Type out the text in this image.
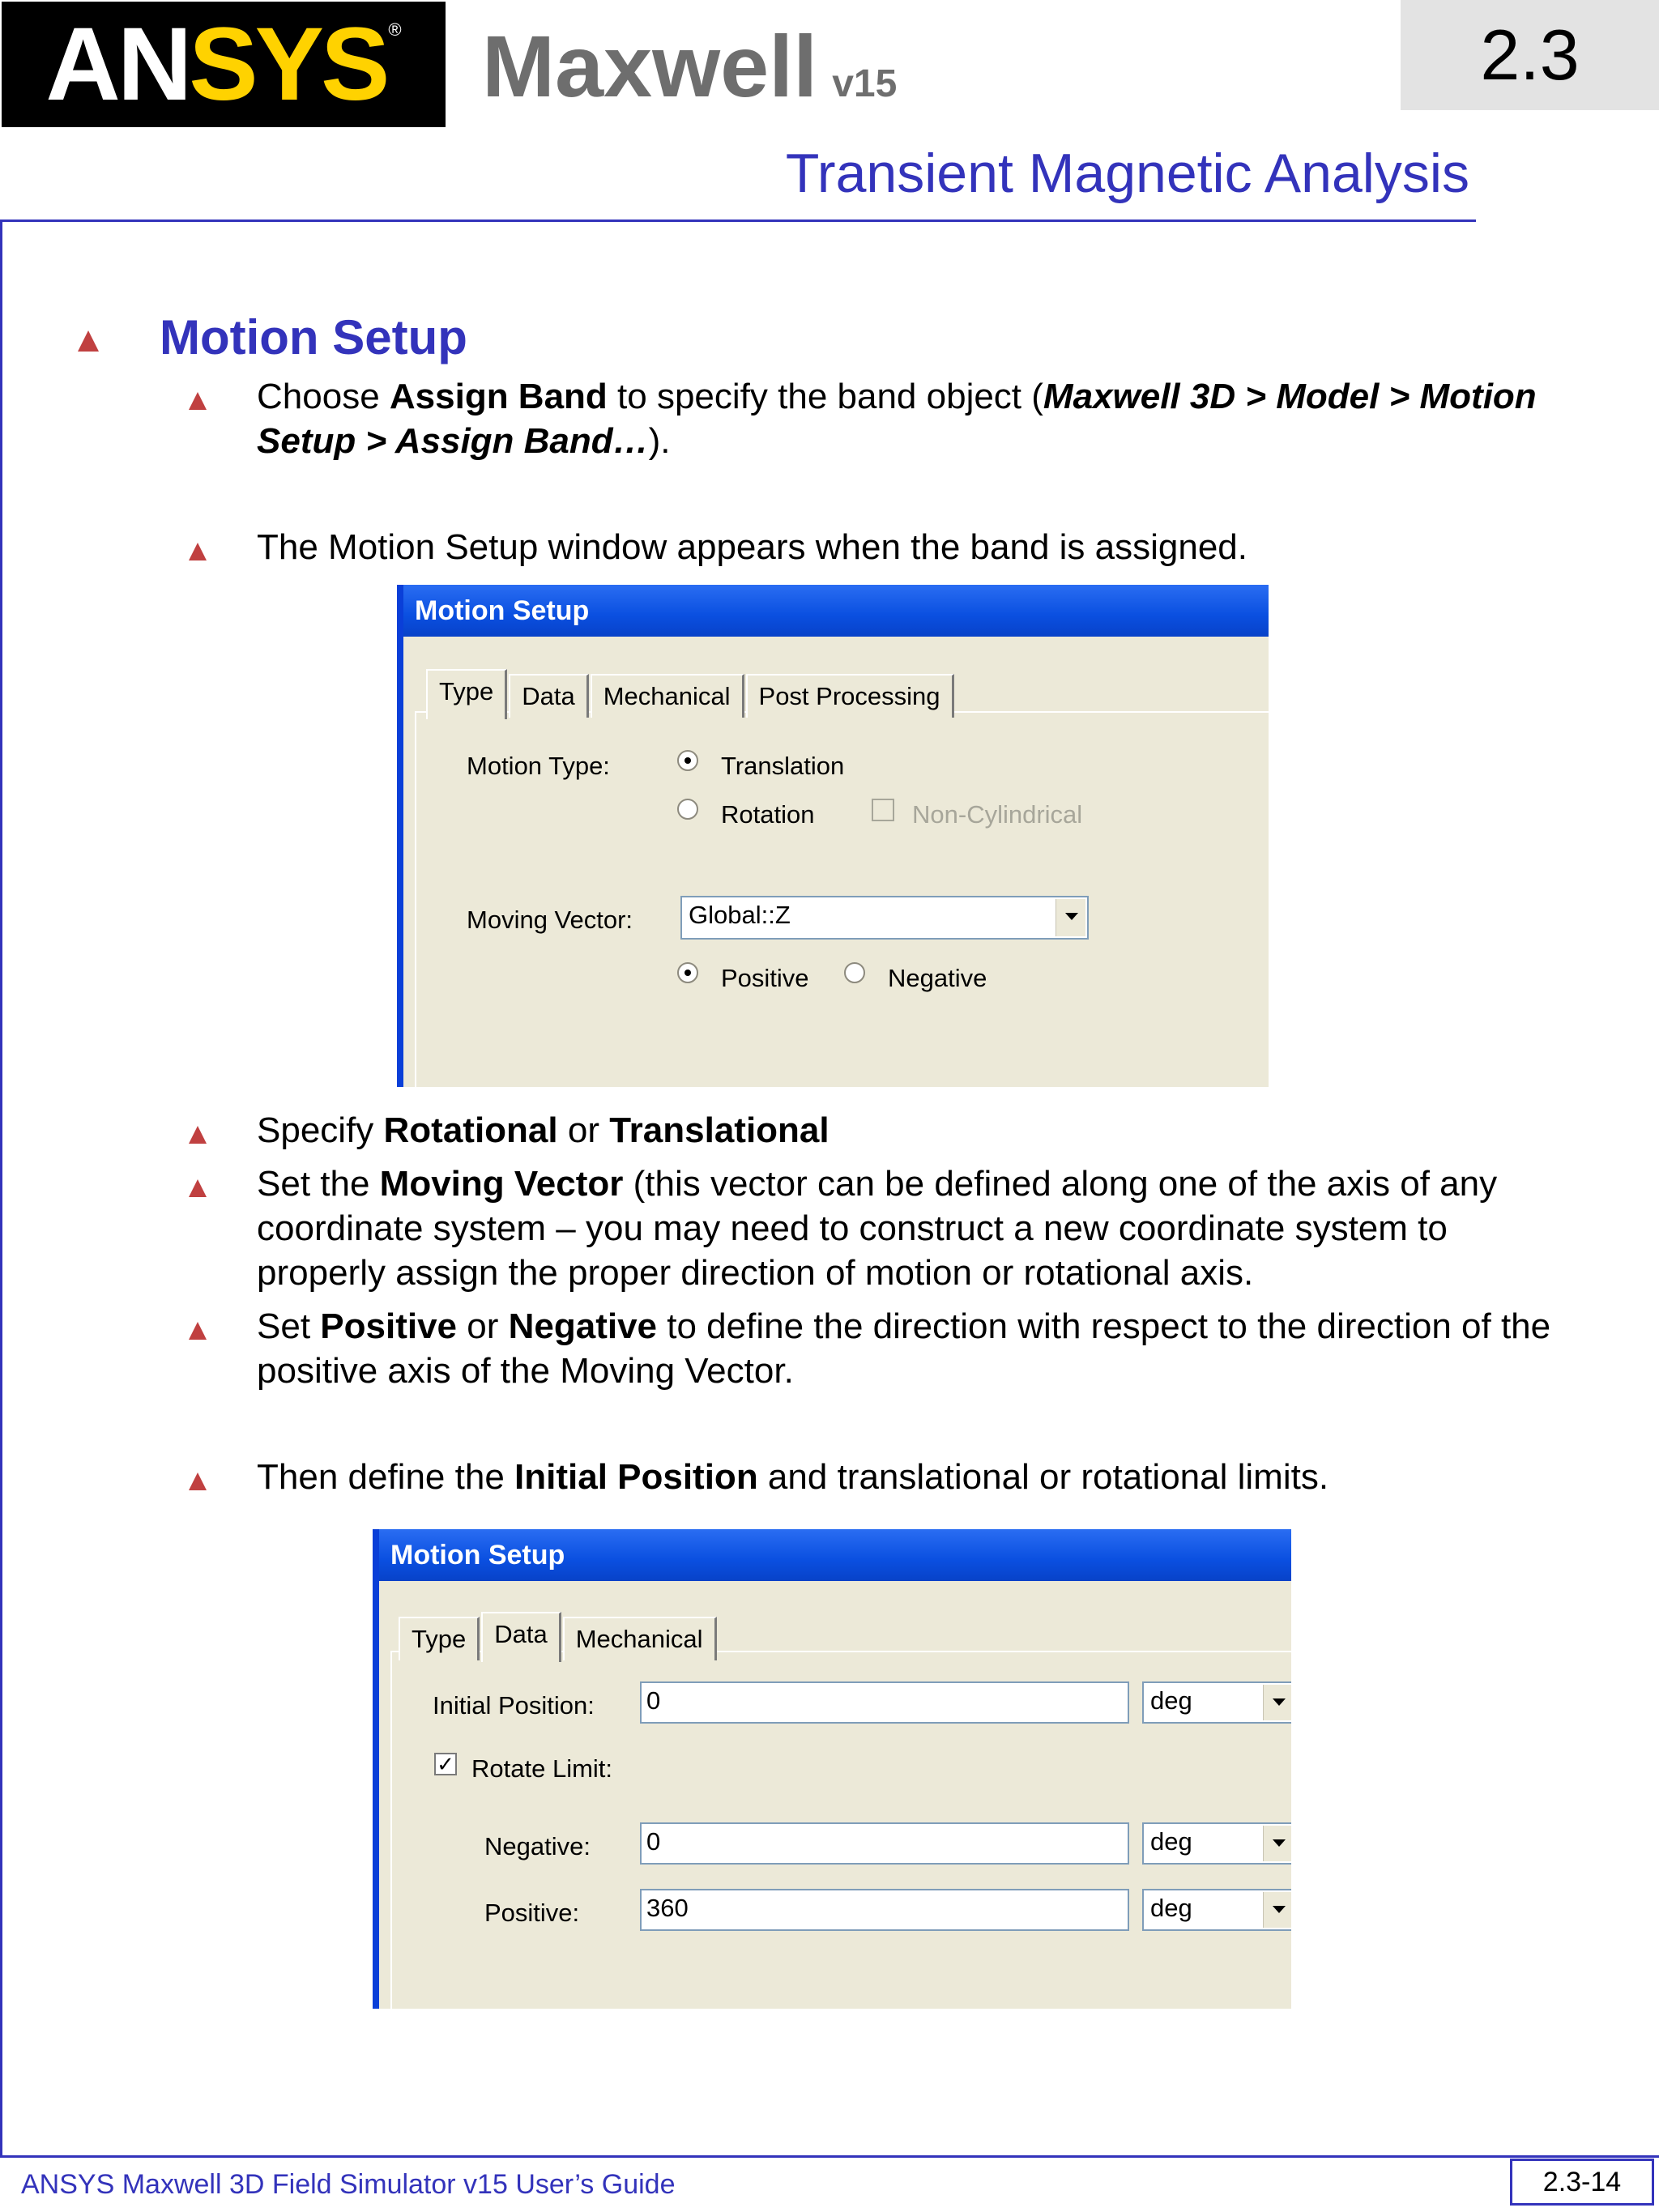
AN SYS ® Maxwell v15	2.3
Transient Magnetic Analysis
Motion Setup
Choose Assign Band to specify the band object (Maxwell 3D > Model > Motion Setup > Assign Band…).
The Motion Setup window appears when the band is assigned.
Motion Setup
Type	Data	Mechanical	Post Processing
Motion Type:	Translation
Rotation	Non-Cylindrical
Moving Vector:	Global::Z
Positive	Negative
Specify Rotational or Translational
Set the Moving Vector (this vector can be defined along one of the axis of any coordinate system – you may need to construct a new coordinate system to properly assign the proper direction of motion or rotational axis.
Set Positive or Negative to define the direction with respect to the direction of the positive axis of the Moving Vector.
Then define the Initial Position and translational or rotational limits.
Motion Setup
Type	Data	Mechanical
Initial Position: 0	deg
✓ Rotate Limit:
Negative: 0	deg
Positive:	360	deg
ANSYS Maxwell 3D Field Simulator v15 User’s Guide	2.3-14
